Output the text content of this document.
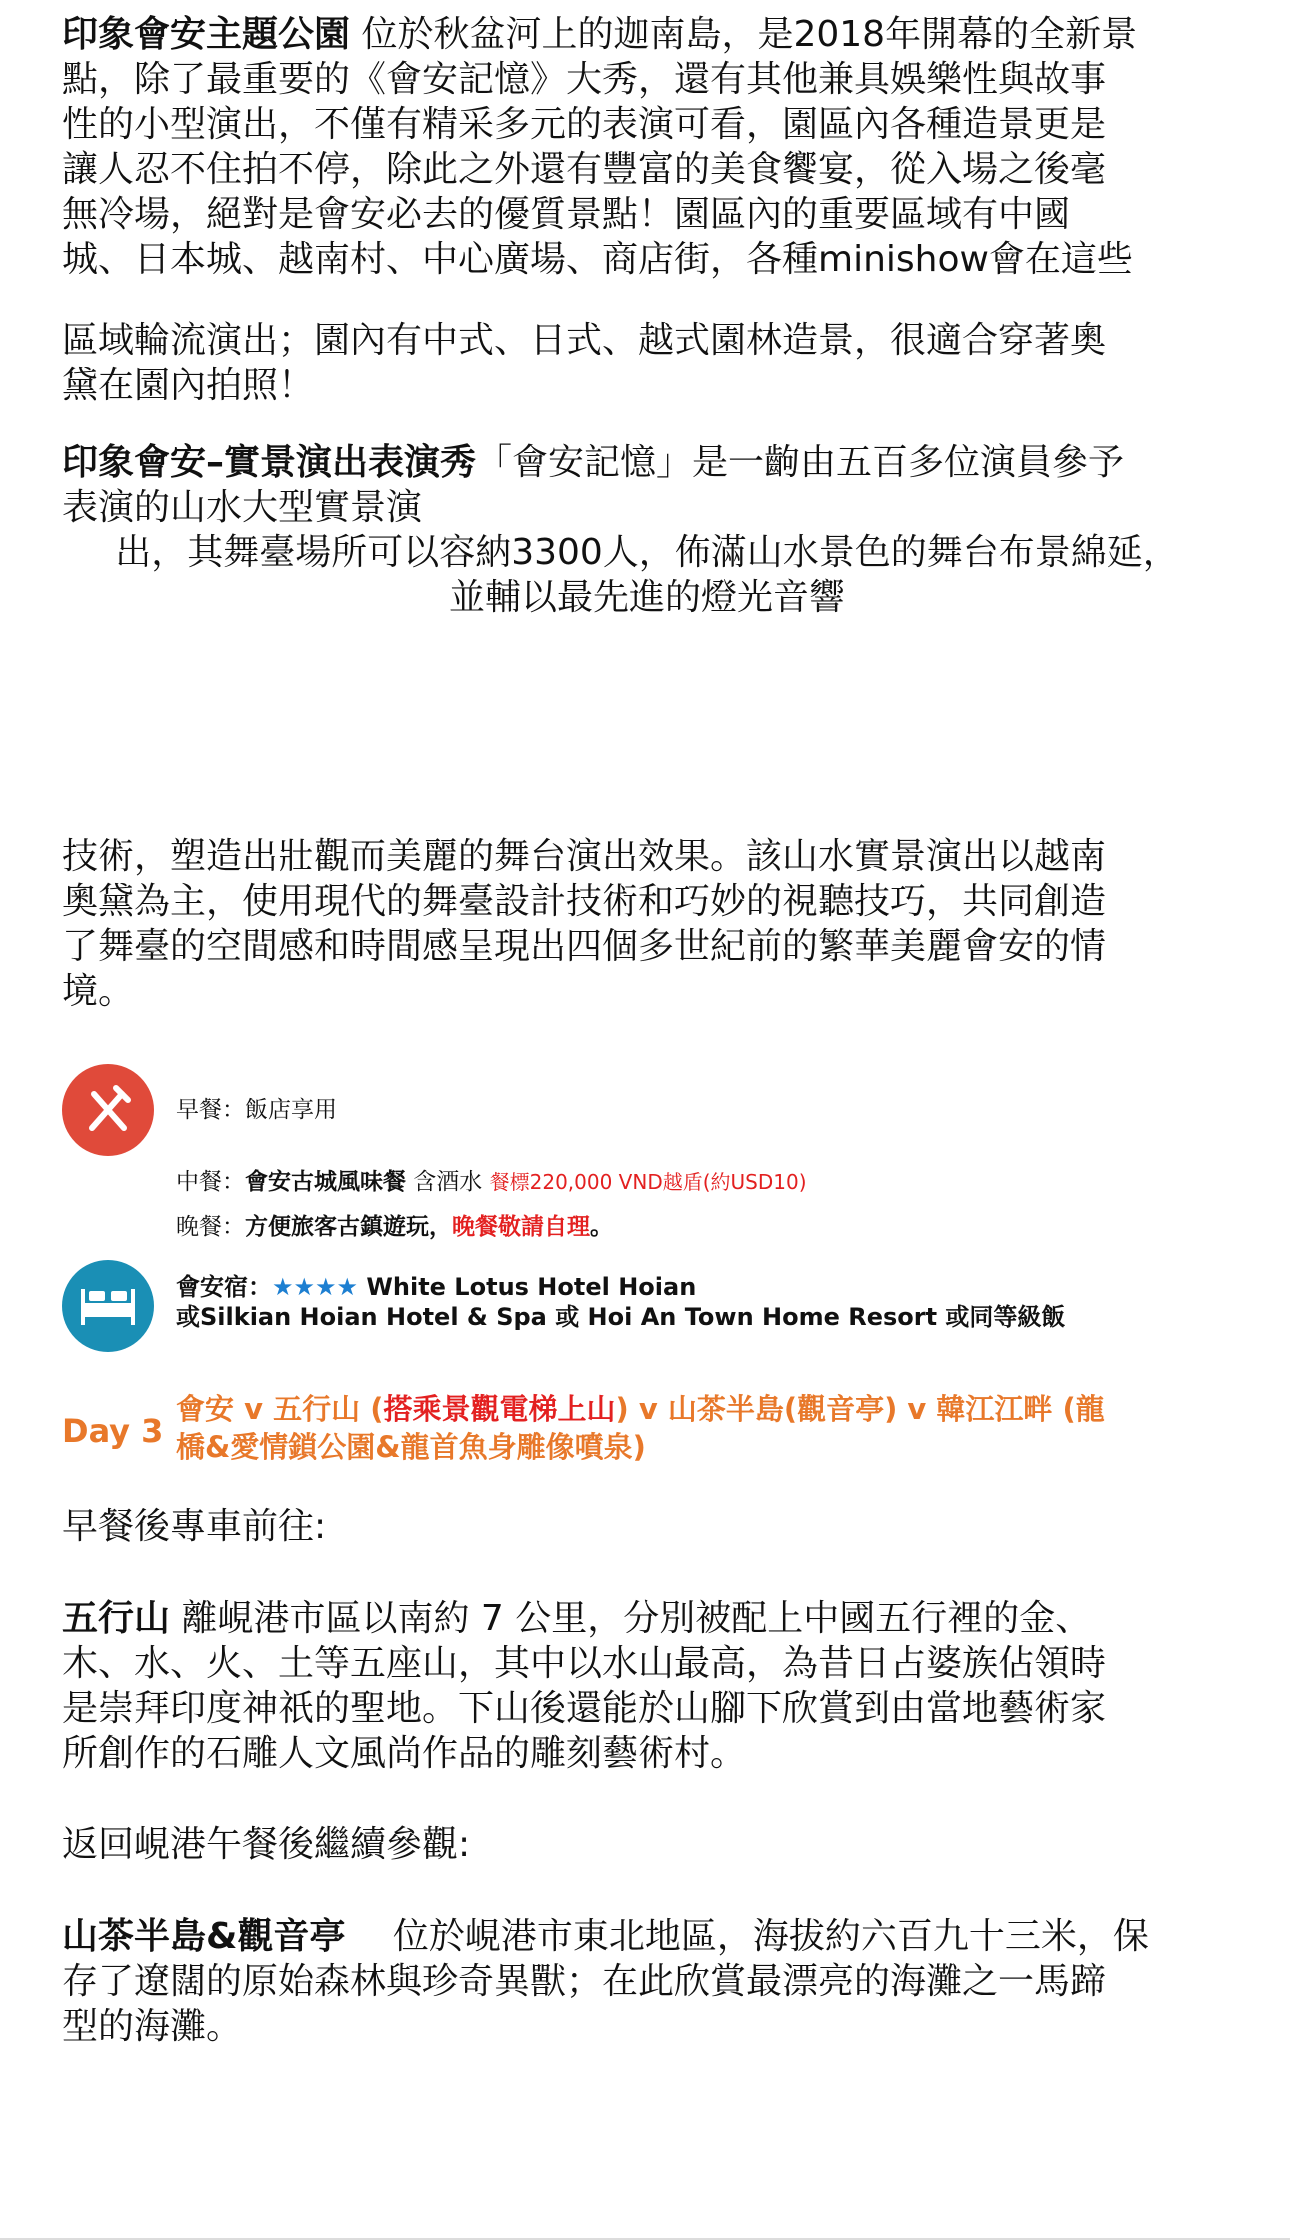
印象會安主題公園 位於秋盆河上的迦南島，是2018年開幕的全新景
點，除了最重要的《會安記憶》大秀，還有其他兼具娛樂性與故事
性的小型演出，不僅有精采多元的表演可看，園區內各種造景更是
讓人忍不住拍不停，除此之外還有豐富的美食饗宴，從入場之後毫
無冷場，絕對是會安必去的優質景點！園區內的重要區域有中國
城、日本城、越南村、中心廣場、商店街，各種minishow會在這些

區域輪流演出；園內有中式、日式、越式園林造景，很適合穿著奧
黛在園內拍照！

印象會安–實景演出表演秀「會安記憶」是一齣由五百多位演員參予
表演的山水大型實景演

出，其舞臺場所可以容納3300人，佈滿山水景色的舞台布景綿延，
並輔以最先進的燈光音響

技術，塑造出壯觀而美麗的舞台演出效果。該山水實景演出以越南
奧黛為主，使用現代的舞臺設計技術和巧妙的視聽技巧，共同創造
了舞臺的空間感和時間感呈現出四個多世紀前的繁華美麗會安的情
境。

早餐：飯店享用
中餐：會安古城風味餐 含酒水 餐標220,000 VND越盾(約USD10)
晚餐：方便旅客古鎮遊玩，晚餐敬請自理。
會安宿：★★★★ White Lotus Hotel Hoian
或Silkian Hoian Hotel & Spa 或 Hoi An Town Home Resort 或同等級飯
Day 3
會安 v 五行山 (搭乘景觀電梯上山) v 山茶半島(觀音亭) v 韓江江畔 (龍
橋&愛情鎖公園&龍首魚身雕像噴泉)

早餐後專車前往:

五行山 離峴港市區以南約 7 公里，分別被配上中國五行裡的金、
木、水、火、土等五座山，其中以水山最高，為昔日占婆族佔領時
是崇拜印度神祇的聖地。下山後還能於山腳下欣賞到由當地藝術家
所創作的石雕人文風尚作品的雕刻藝術村。

返回峴港午餐後繼續參觀:

山茶半島&觀音亭　 位於峴港市東北地區，海拔約六百九十三米，保
存了遼闊的原始森林與珍奇異獸；在此欣賞最漂亮的海灘之一馬蹄
型的海灘。
